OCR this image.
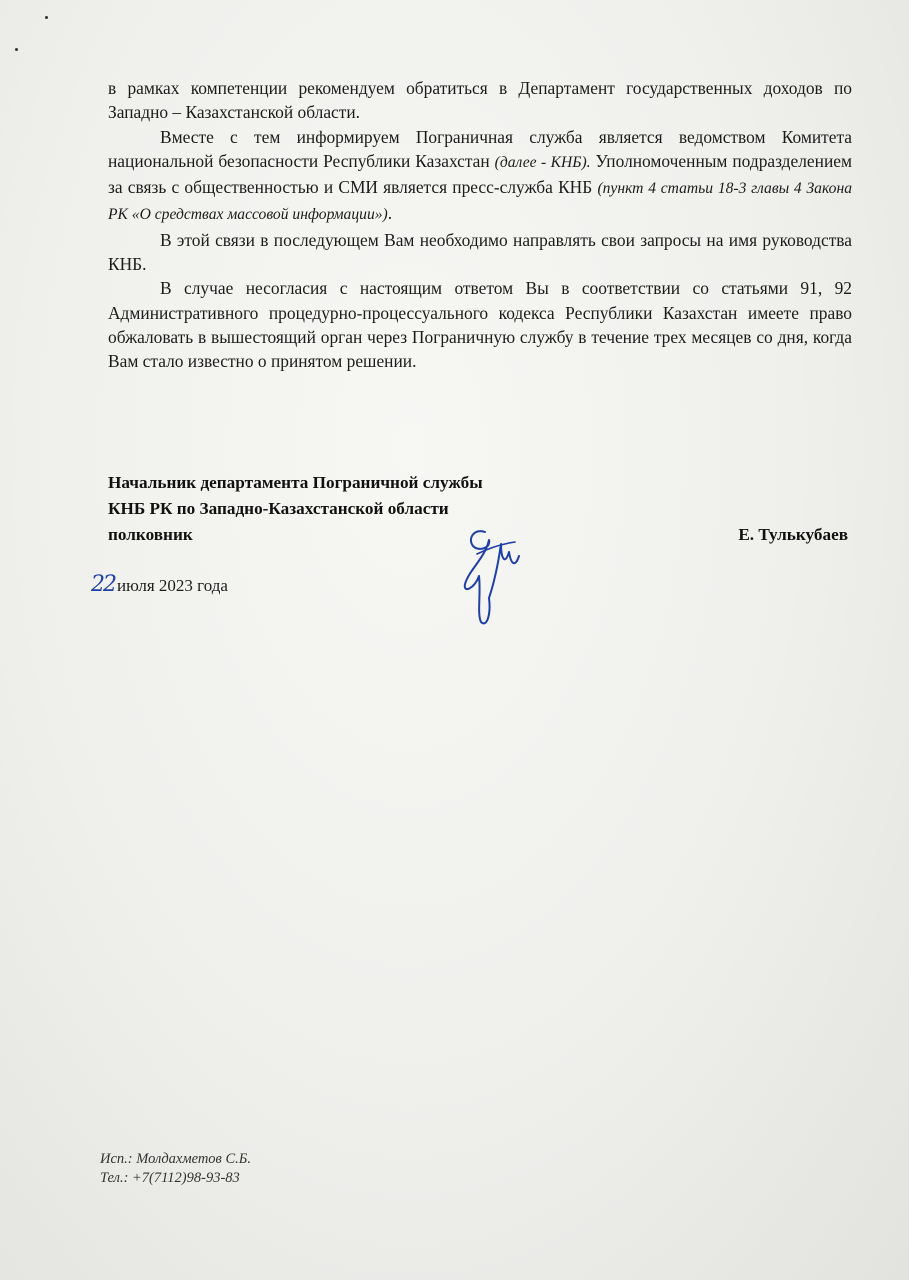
в рамках компетенции рекомендуем обратиться в Департамент государственных доходов по Западно – Казахстанской области.

Вместе с тем информируем Пограничная служба является ведомством Комитета национальной безопасности Республики Казахстан (далее - КНБ). Уполномоченным подразделением за связь с общественностью и СМИ является пресс-служба КНБ (пункт 4 статьи 18-3 главы 4 Закона РК «О средствах массовой информации»).

В этой связи в последующем Вам необходимо направлять свои запросы на имя руководства КНБ.

В случае несогласия с настоящим ответом Вы в соответствии со статьями 91, 92 Административного процедурно-процессуального кодекса Республики Казахстан имеете право обжаловать в вышестоящий орган через Пограничную службу в течение трех месяцев со дня, когда Вам стало известно о принятом решении.

Начальник департамента Пограничной службы
КНБ РК по Западно-Казахстанской области
полковник	Е. Тулькубаев
22 июля 2023 года
Исп.: Молдахметов С.Б.
Тел.: +7(7112)98-93-83
